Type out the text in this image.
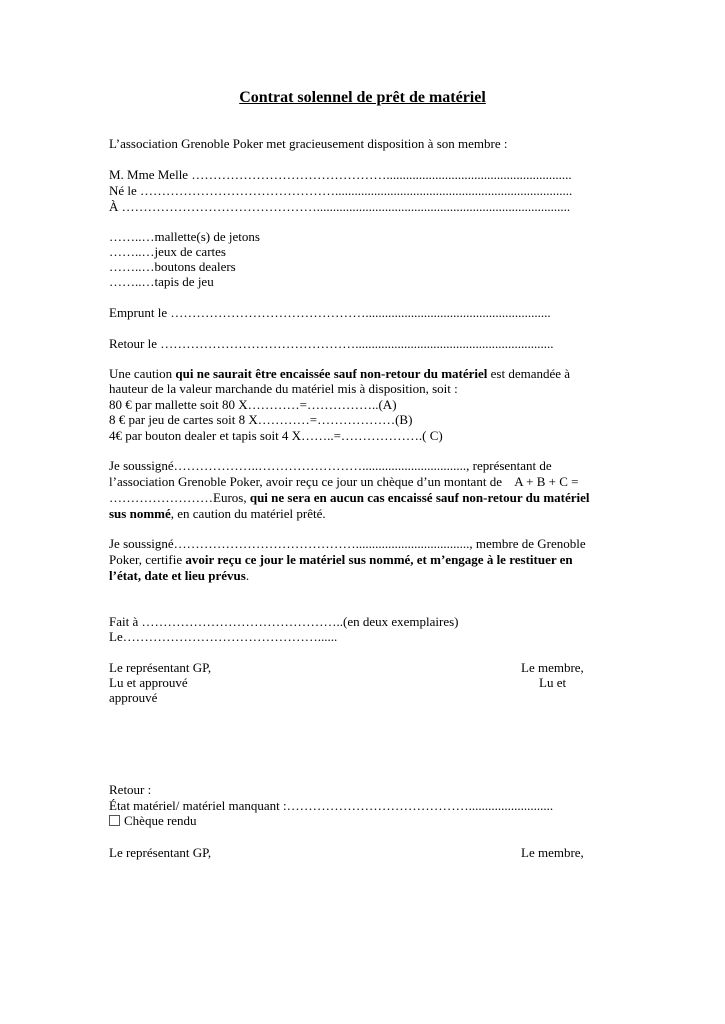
Contrat solennel de prêt de matériel
L’association Grenoble Poker met gracieusement disposition à son membre :
M. Mme Melle ……………………………………….........................................................
Né le ……………………………………….........................................................................
À ………………………………………..............................................................................
……..…mallette(s) de jetons
……..…jeux de cartes
……..…boutons dealers
……..…tapis de jeu
Emprunt le ……………………………………….........................................................
Retour le ……………………………………….............................................................
Une caution qui ne saurait être encaissée sauf non-retour du matériel est demandée à
hauteur de la valeur marchande du matériel mis à disposition, soit :
80 € par mallette soit 80 X…………=……………..(A)
8 € par jeu de cartes soit 8 X…………=………………(B)
4€ par bouton dealer et tapis soit 4 X……..=……………….( C)
Je soussigné………………..……………………................................, représentant de
l’association Grenoble Poker, avoir reçu ce jour un chèque d’un montant de    A + B + C =
……………………Euros, qui ne sera en aucun cas encaissé sauf non-retour du matériel
sus nommé, en caution du matériel prêté.
Je soussigné……………………………………..................................., membre de Grenoble
Poker, certifie avoir reçu ce jour le matériel sus nommé, et m’engage à le restituer en
l’état, date et lieu prévus.
Fait à ………………………………………..(en deux exemplaires)
Le………………………………………......
Le représentant GP,
Lu et approuvé
approuvé
Le membre,
Lu et
Retour :
État matériel/ matériel manquant :……………………………………..........................
Chèque rendu
Le représentant GP,	Le membre,
